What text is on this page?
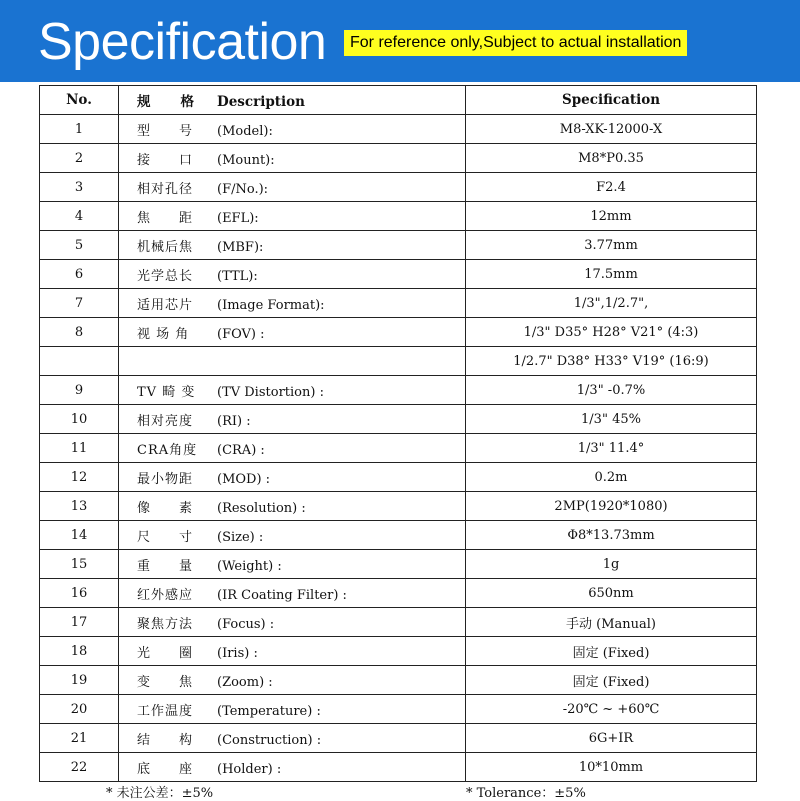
Specification	For reference only,Subject to actual installation
No.	规　　格 Description	Specification
1	型　　号 (Model):	M8-XK-12000-X
2	接　　口 (Mount):	M8*P0.35
3	相对孔径 (F/No.):	F2.4
4	焦　　距 (EFL):	12mm
5	机械后焦 (MBF):	3.77mm
6	光学总长 (TTL):	17.5mm
7	适用芯片 (Image Format):	1/3",1/2.7",
8	视 场 角 (FOV) :	1/3" D35° H28° V21° (4:3)
		1/2.7" D38° H33° V19° (16:9)
9	TV 畸 变 (TV Distortion) :	1/3" -0.7%
10	相对亮度 (RI) :	1/3" 45%
11	CRA角度 (CRA) :	1/3" 11.4°
12	最小物距 (MOD) :	0.2m
13	像　　素 (Resolution) :	2MP(1920*1080)
14	尺　　寸 (Size) :	Φ8*13.73mm
15	重　　量 (Weight) :	1g
16	红外感应 (IR Coating Filter) :	650nm
17	聚焦方法 (Focus) :	手动 (Manual)
18	光　　圈 (Iris) :	固定 (Fixed)
19	变　　焦 (Zoom) :	固定 (Fixed)
20	工作温度 (Temperature) :	-20℃ ~ +60℃
21	结　　构 (Construction) :	6G+IR
22	底　　座 (Holder) :	10*10mm
* 未注公差：±5%	* Tolerance：±5%
